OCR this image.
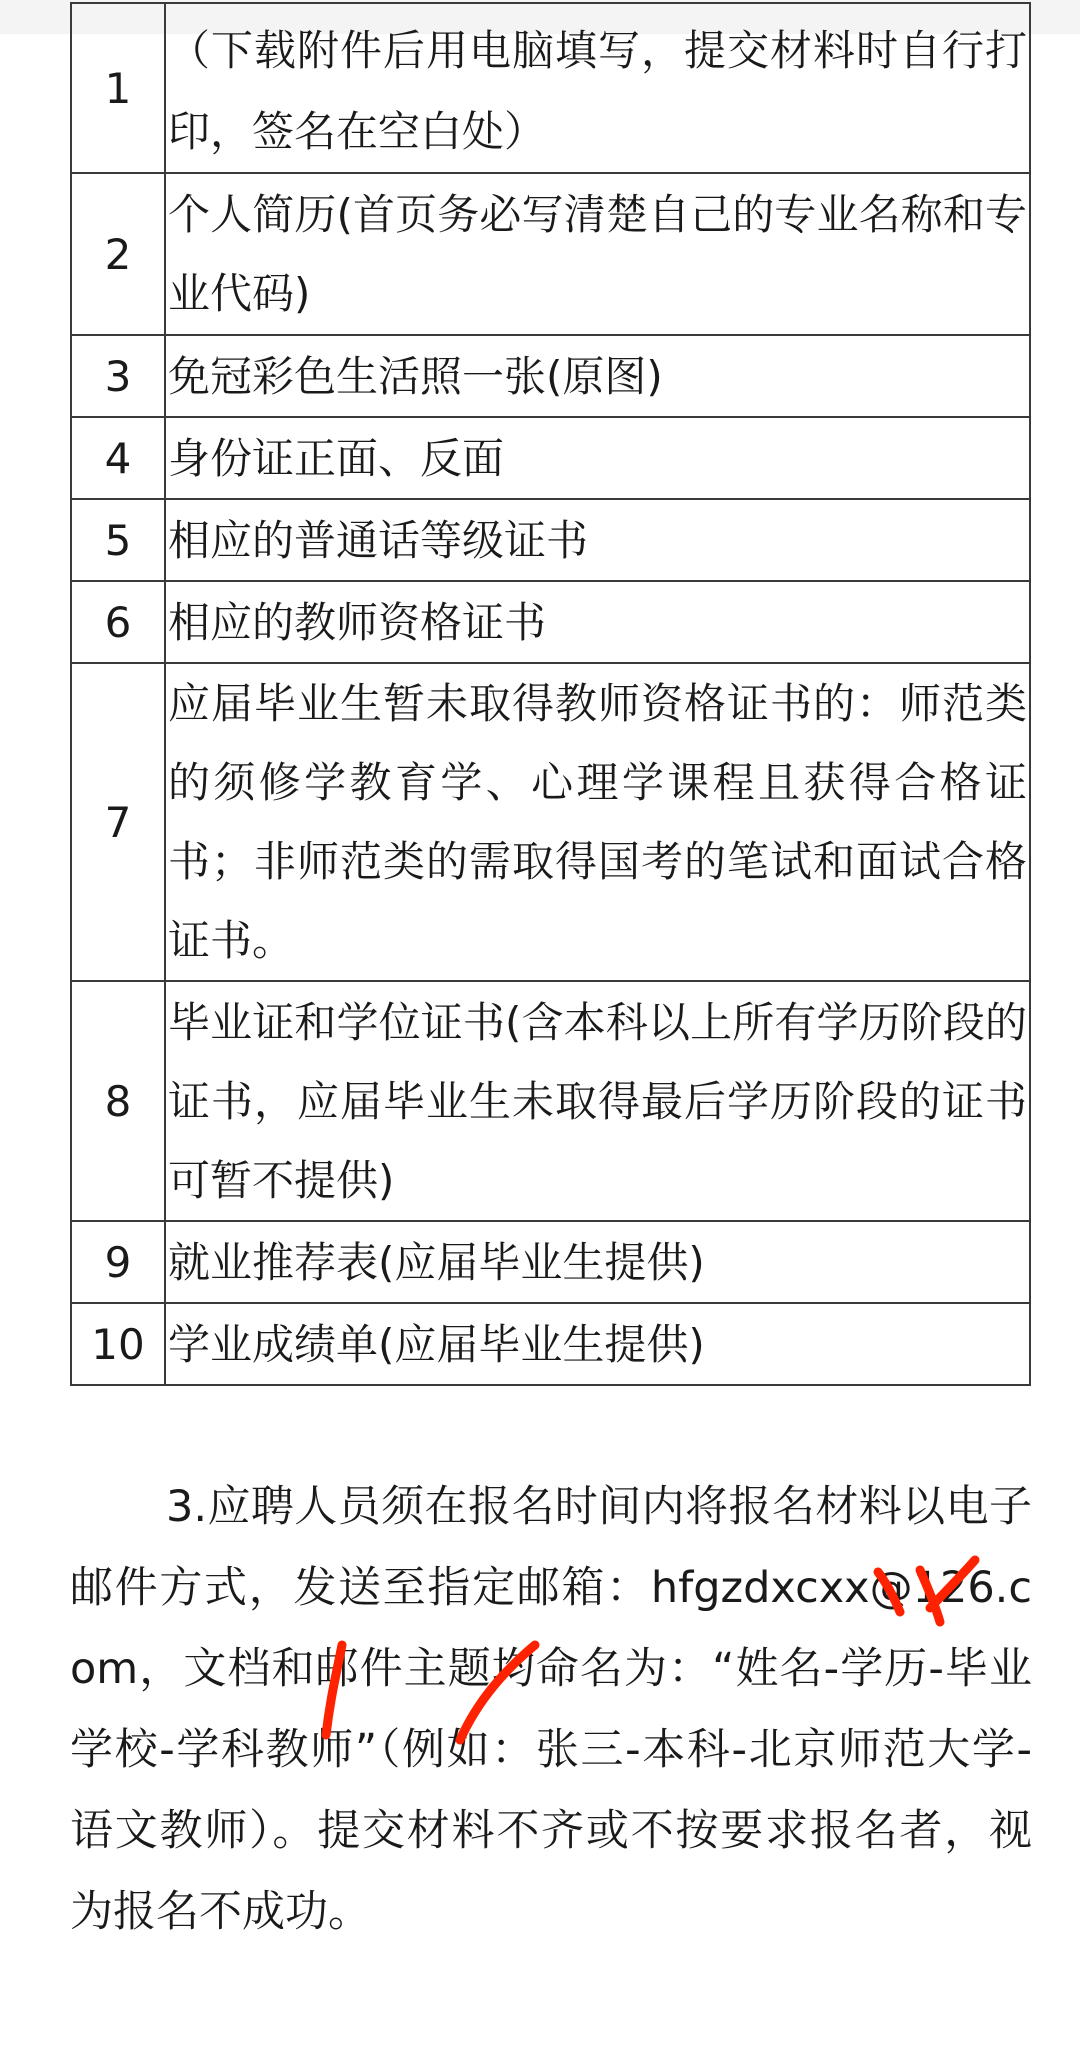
1	（下载附件后用电脑填写，提交材料时自行打印，签名在空白处）
2	个人简历(首页务必写清楚自己的专业名称和专业代码)
3	免冠彩色生活照一张(原图)
4	身份证正面、反面
5	相应的普通话等级证书
6	相应的教师资格证书
7	应届毕业生暂未取得教师资格证书的：师范类的须修学教育学、心理学课程且获得合格证书；非师范类的需取得国考的笔试和面试合格证书。
8	毕业证和学位证书(含本科以上所有学历阶段的证书，应届毕业生未取得最后学历阶段的证书可暂不提供)
9	就业推荐表(应届毕业生提供)
10	学业成绩单(应届毕业生提供)

3.应聘人员须在报名时间内将报名材料以电子邮件方式，发送至指定邮箱：hfgzdxcxx@126.com，文档和邮件主题均命名为：“姓名-学历-毕业学校-学科教师”（例如：张三-本科-北京师范大学-语文教师）。提交材料不齐或不按要求报名者，视为报名不成功。
